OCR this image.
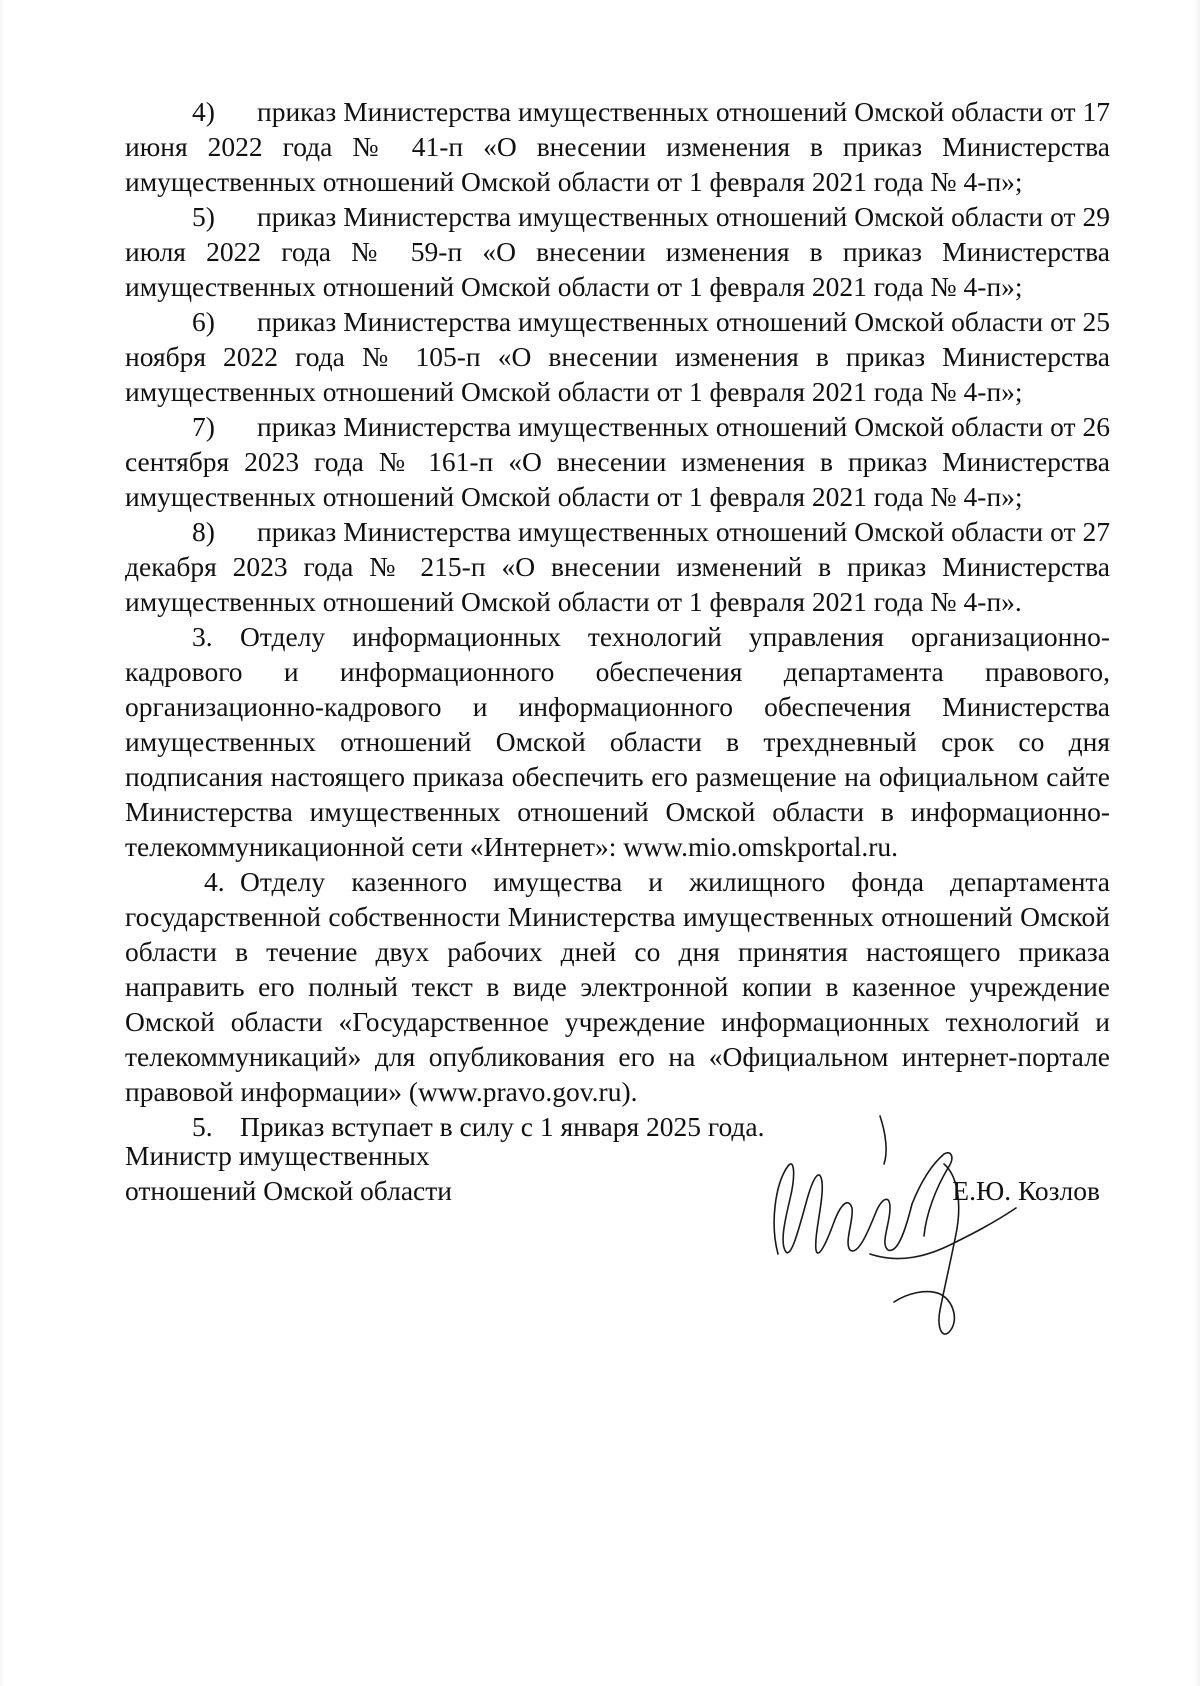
4) приказ Министерства имущественных отношений Омской области от 17 июня 2022 года № 41-п «О внесении изменения в приказ Министерства имущественных отношений Омской области от 1 февраля 2021 года № 4-п»;

5) приказ Министерства имущественных отношений Омской области от 29 июля 2022 года № 59-п «О внесении изменения в приказ Министерства имущественных отношений Омской области от 1 февраля 2021 года № 4-п»;

6) приказ Министерства имущественных отношений Омской области от 25 ноября 2022 года № 105-п «О внесении изменения в приказ Министерства имущественных отношений Омской области от 1 февраля 2021 года № 4-п»;

7) приказ Министерства имущественных отношений Омской области от 26 сентября 2023 года № 161-п «О внесении изменения в приказ Министерства имущественных отношений Омской области от 1 февраля 2021 года № 4-п»;

8) приказ Министерства имущественных отношений Омской области от 27 декабря 2023 года № 215-п «О внесении изменений в приказ Министерства имущественных отношений Омской области от 1 февраля 2021 года № 4-п».

3. Отделу информационных технологий управления организационно-кадрового и информационного обеспечения департамента правового, организационно-кадрового и информационного обеспечения Министерства имущественных отношений Омской области в трехдневный срок со дня подписания настоящего приказа обеспечить его размещение на официальном сайте Министерства имущественных отношений Омской области в информационно-телекоммуникационной сети «Интернет»: www.mio.omskportal.ru.

4. Отделу казенного имущества и жилищного фонда департамента государственной собственности Министерства имущественных отношений Омской области в течение двух рабочих дней со дня принятия настоящего приказа направить его полный текст в виде электронной копии в казенное учреждение Омской области «Государственное учреждение информационных технологий и телекоммуникаций» для опубликования его на «Официальном интернет-портале правовой информации» (www.pravo.gov.ru).

5. Приказ вступает в силу с 1 января 2025 года.

Министр имущественных
отношений Омской области	Е.Ю. Козлов
